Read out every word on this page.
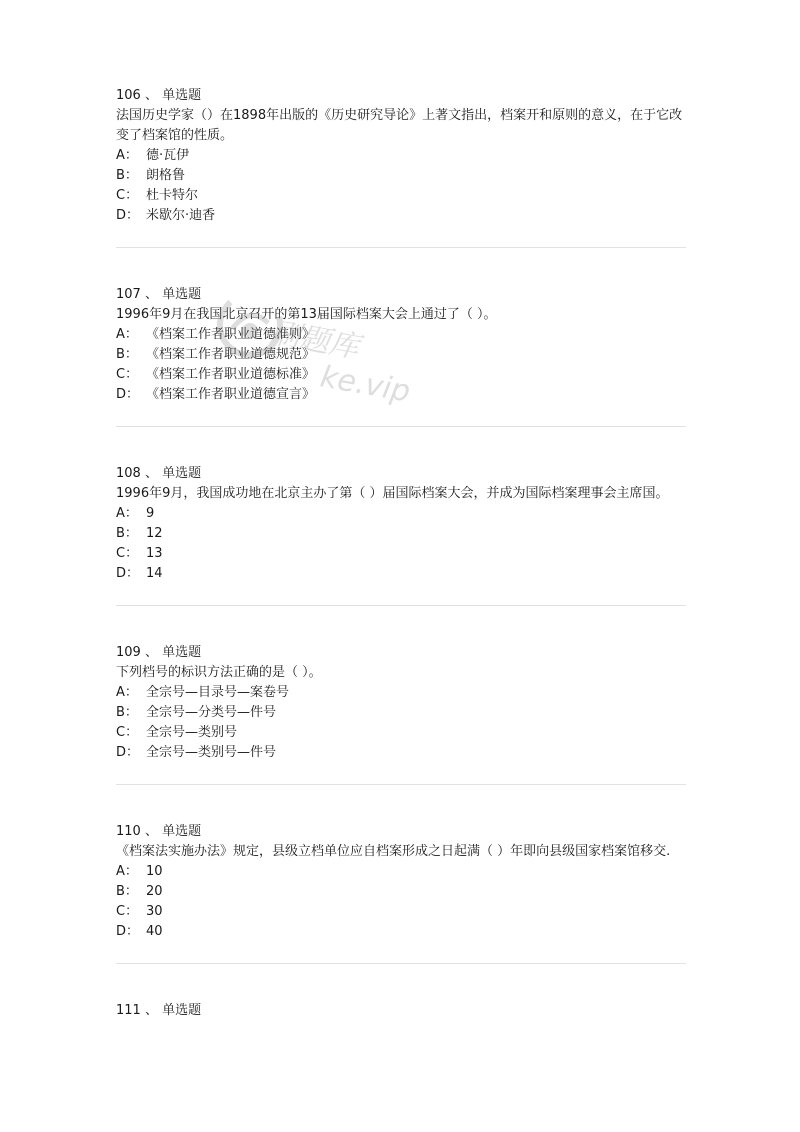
106 、 单选题
法国历史学家（）在1898年出版的《历史研究导论》上著文指出，档案开和原则的意义，在于它改变了档案馆的性质。
A： 德·瓦伊
B： 朗格鲁
C： 杜卡特尔
D： 米歇尔·迪香
107 、 单选题
1996年9月在我国北京召开的第13届国际档案大会上通过了（ ）。
A： 《档案工作者职业道德准则》
B： 《档案工作者职业道德规范》
C： 《档案工作者职业道德标准》
D： 《档案工作者职业道德宣言》
108 、 单选题
1996年9月，我国成功地在北京主办了第（ ）届国际档案大会，并成为国际档案理事会主席国。
A： 9
B： 12
C： 13
D： 14
109 、 单选题
下列档号的标识方法正确的是（ ）。
A： 全宗号—目录号—案卷号
B： 全宗号—分类号—件号
C： 全宗号—类别号
D： 全宗号—类别号—件号
110 、 单选题
《档案法实施办法》规定，县级立档单位应自档案形成之日起满（ ）年即向县级国家档案馆移交.
A： 10
B： 20
C： 30
D： 40
111 、 单选题
刷题库
ke.vip
